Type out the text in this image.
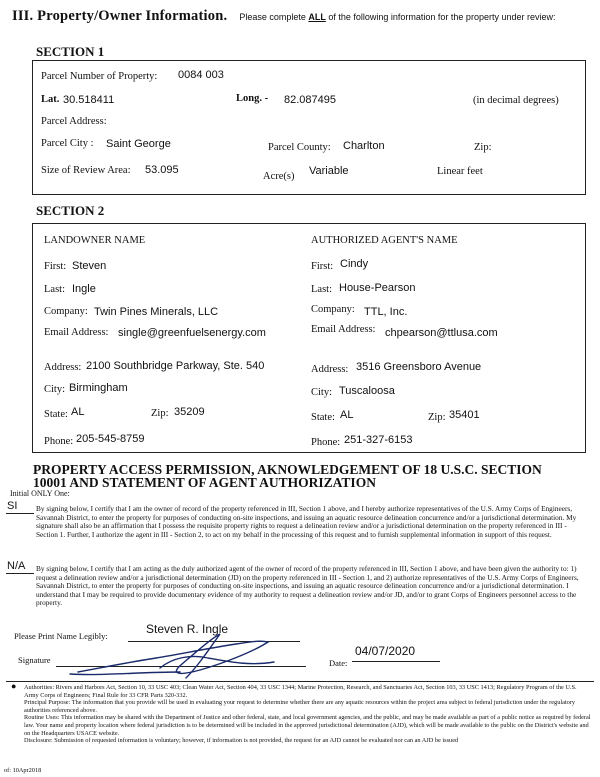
III. Property/Owner Information. Please complete ALL of the following information for the property under review:
SECTION 1
Parcel Number of Property: 0084 003
Lat. 30.518411	Long. - 82.087495	(in decimal degrees)
Parcel Address:
Parcel City : Saint George	Parcel County: Charlton	Zip:
Size of Review Area: 53.095
Acre(s) Variable	Linear feet
SECTION 2
LANDOWNER NAME
First: Steven
Last: Ingle
Company: Twin Pines Minerals, LLC
Email Address: single@greenfuelsenergy.com
Address: 2100 Southbridge Parkway, Ste. 540
City: Birmingham
State: AL	Zip: 35209
Phone: 205-545-8759
AUTHORIZED AGENT'S NAME
First: Cindy
Last: House-Pearson
Company: TTL, Inc.
Email Address: chpearson@ttlusa.com
Address: 3516 Greensboro Avenue
City: Tuscaloosa
State: AL	Zip: 35401
Phone: 251-327-6153
PROPERTY ACCESS PERMISSION, AKNOWLEDGEMENT OF 18 U.S.C. SECTION
10001 AND STATEMENT OF AGENT AUTHORIZATION
Initial ONLY One:
SI	By signing below, I certify that I am the owner of record of the property referenced in III, Section 1 above, and I hereby authorize representatives of the U.S. Army Corps of Engineers, Savannah District, to enter the property for purposes of conducting on-site inspections, and issuing an aquatic resource delineation concurrence and/or a jurisdictional determination. My signature shall also be an affirmation that I possess the requisite property rights to request a delineation review and/or a jurisdictional determination on the property referenced in III - Section 1. Further, I authorize the agent in III - Section 2, to act on my behalf in the processing of this request and to furnish supplemental information in support of this request.
N/A By signing below, I certify that I am acting as the duly authorized agent of the owner of record of the property referenced in III, Section 1 above, and have been given the authority to: 1) request a delineation review and/or a jurisdictional determination (JD) on the property referenced in III - Section 1, and 2) authorize representatives of the U.S. Army Corps of Engineers, Savannah District, to enter the property for purposes of conducting on-site inspections, and issuing an aquatic resource delineation concurrence and/or a jurisdictional determination. I understand that I may be required to provide documentary evidence of my authority to request a delineation review and/or JD, and/or to grant Corps of Engineers personnel access to the property.
Please Print Name Legibly:	Steven R. Ingle
Signature	Date:
04/07/2020
● Authorities: Rivers and Harbors Act, Section 10, 33 USC 403; Clean Water Act, Section 404, 33 USC 1344; Marine Protection, Research, and Sanctuaries Act, Section 103, 33 USC 1413; Regulatory Program of the U.S. Army Corps of Engineers; Final Rule for 33 CFR Parts 320-332.
Principal Purpose: The information that you provide will be used in evaluating your request to determine whether there are any aquatic resources within the project area subject to federal jurisdiction under the regulatory authorities referenced above.
Routine Uses: This information may be shared with the Department of Justice and other federal, state, and local government agencies, and the public, and may be made available as part of a public notice as required by federal law. Your name and property location where federal jurisdiction is to be determined will be included in the approved jurisdictional determination (AJD), which will be made available to the public on the District's website and on the Headquarters USACE website.
Disclosure: Submission of requested information is voluntary; however, if information is not provided, the request for an AJD cannot be evaluated nor can an AJD be issued
of: 10Apr2018
